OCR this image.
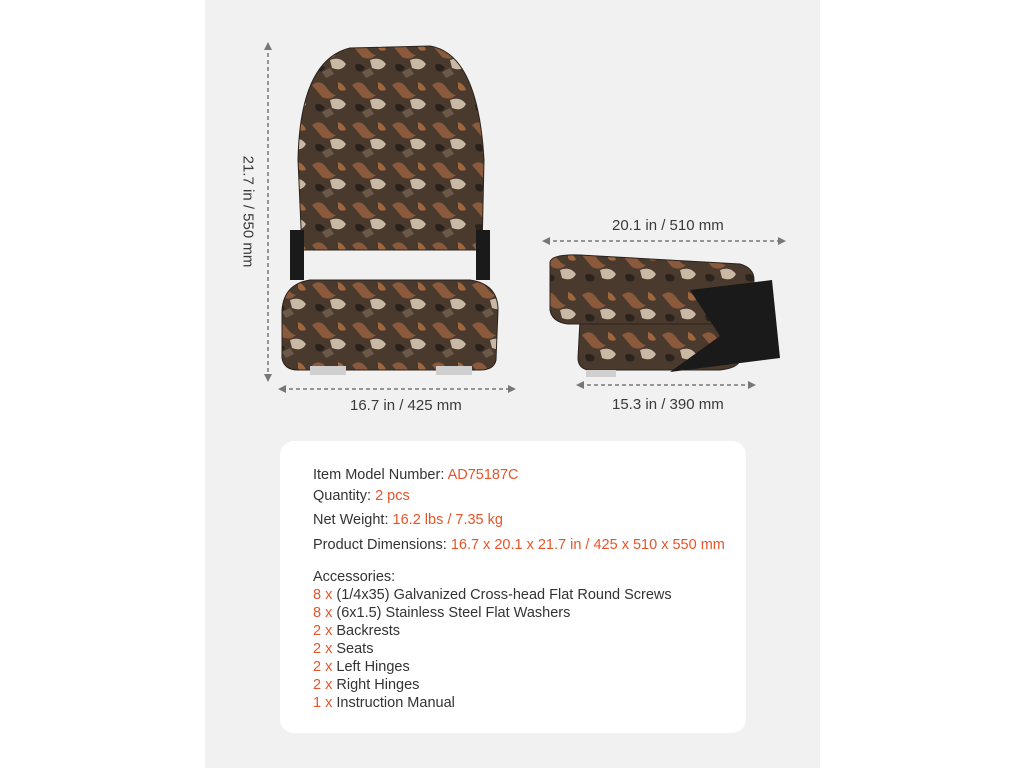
21.7 in / 550 mm
16.7 in / 425 mm
20.1 in / 510 mm
15.3 in / 390 mm
Item Model Number: AD75187C
Quantity: 2 pcs
Net Weight: 16.2 lbs / 7.35 kg
Product Dimensions: 16.7 x 20.1 x 21.7 in / 425 x 510 x 550 mm
Accessories:
8 x (1/4x35) Galvanized Cross-head Flat Round Screws
8 x (6x1.5) Stainless Steel Flat Washers
2 x Backrests
2 x Seats
2 x Left Hinges
2 x Right Hinges
1 x Instruction Manual
